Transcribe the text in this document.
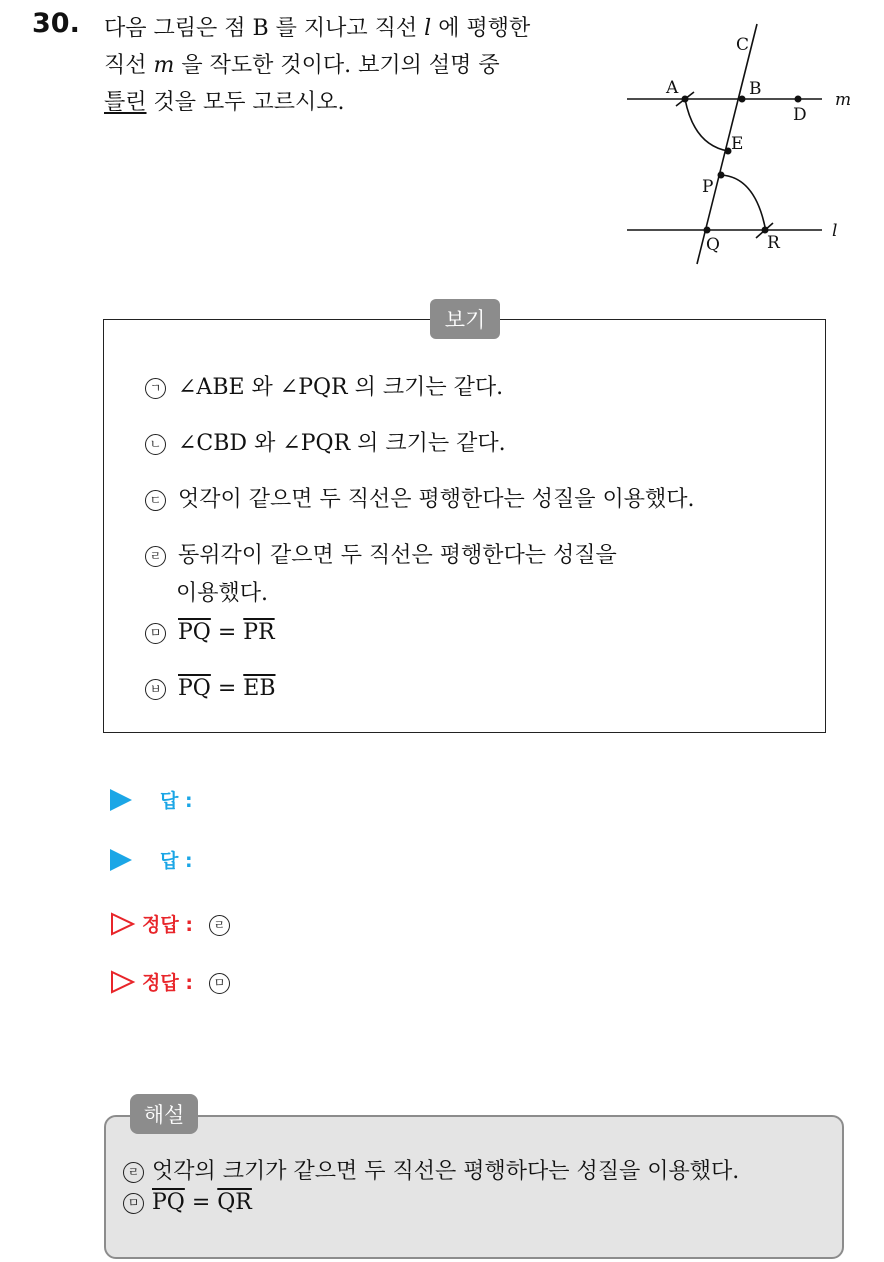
30. 다음 그림은 점 B 를 지나고 직선 l 에 평행한
직선 m 을 작도한 것이다. 보기의 설명 중
틀린 것을 모두 고르시오.
C
A	B
D
E
P
Q	R
m
l
보기
ㄱ ∠ABE 와 ∠PQR 의 크기는 같다.
ㄴ ∠CBD 와 ∠PQR 의 크기는 같다.
ㄷ 엇각이 같으면 두 직선은 평행한다는 성질을 이용했다.
ㄹ 동위각이 같으면 두 직선은 평행한다는 성질을
이용했다.
ㅁ $\overline{PQ} = \overline{PR}$
ㅂ $\overline{PQ} = \overline{EB}$
답 :
답 :
정답 : ㄹ
정답 : ㅁ
해설
ㄹ 엇각의 크기가 같으면 두 직선은 평행하다는 성질을 이용했다.
ㅁ $\overline{PQ} = \overline{QR}$
